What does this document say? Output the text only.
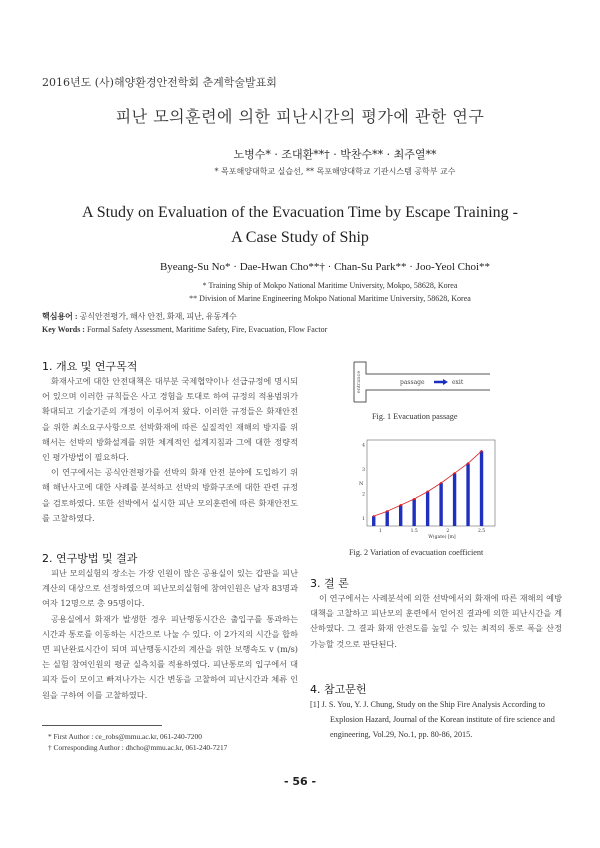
2016년도 (사)해양환경안전학회 춘계학술발표회
피난 모의훈련에 의한 피난시간의 평가에 관한 연구
노병수* · 조대환**† · 박찬수** · 최주열**
* 목포해양대학교 실습선, ** 목포해양대학교 기관시스템 공학부 교수
A Study on Evaluation of the Evacuation Time by Escape Training -
A Case Study of Ship
Byeang-Su No* · Dae-Hwan Cho**† · Chan-Su Park** · Joo-Yeol Choi**
* Training Ship of Mokpo National Maritime University, Mokpo, 58628, Korea
** Division of Marine Engineering Mokpo National Maritime University, 58628, Korea
핵심용어 : 공식안전평가, 해사 안전, 화재, 피난, 유동계수
Key Words : Formal Safety Assessment, Maritime Safety, Fire, Evacuation, Flow Factor
1. 개요 및 연구목적

화재사고에 대한 안전대책은 대부분 국제협약이나 선급규정에 명시되어 있으며 이러한 규칙들은 사고 경험을 토대로 하여 규정의 적용범위가 확대되고 기술기준의 개정이 이루어져 왔다. 이러한 규정들은 화재안전을 위한 최소요구사항으로 선박화재에 따른 실질적인 재해의 방지를 위해서는 선박의 방화설계를 위한 체계적인 설계지침과 그에 대한 정량적인 평가방법이 필요하다.

이 연구에서는 공식안전평가를 선박의 화재 안전 분야에 도입하기 위해 해난사고에 대한 사례를 분석하고 선박의 방화구조에 대한 관련 규정을 검토하였다. 또한 선박에서 실시한 피난 모의훈련에 따른 화재안전도를 고찰하였다.

2. 연구방법 및 결과

피난 모의실험의 장소는 가장 인원이 많은 공용실이 있는 갑판을 피난계산의 대상으로 선정하였으며 피난모의실험에 참여인원은 남자 83명과 여자 12명으로 총 95명이다.

공용실에서 화재가 발생한 경우 피난행동시간은 출입구를 통과하는 시간과 통로를 이동하는 시간으로 나눌 수 있다. 이 2가지의 시간을 합하면 피난완료시간이 되며 피난행동시간의 계산을 위한 보행속도 v (m/s)는 실험 참여인원의 평균 실측치를 적용하였다. 피난통로의 입구에서 대피자 들이 모이고 빠져나가는 시간 변동을 고찰하여 피난시간과 체류 인원을 구하여 이를 고찰하였다.

* First Author : ce_robs@mmu.ac.kr, 061-240-7200
† Corresponding Author : dhcho@mmu.ac.kr, 061-240-7217
entrance	passage	exit
Fig. 1 Evacuation passage
1	1.5	2	2.5
1
2
3
4
W(gate) [m]
N
Fig. 2 Variation of evacuation coefficient
3. 결 론

이 연구에서는 사례분석에 의한 선박에서의 화재에 따른 재해의 예방대책을 고찰하고 피난모의 훈련에서 얻어진 결과에 의한 피난시간을 계산하였다. 그 결과 화재 안전도를 높일 수 있는 최적의 통로 폭을 산정 가능할 것으로 판단된다.

4. 참고문헌
[1] J. S. You, Y. J. Chung, Study on the Ship Fire Analysis According to Explosion Hazard, Journal of the Korean institute of fire science and engineering, Vol.29, No.1, pp. 80-86, 2015.
- 56 -
